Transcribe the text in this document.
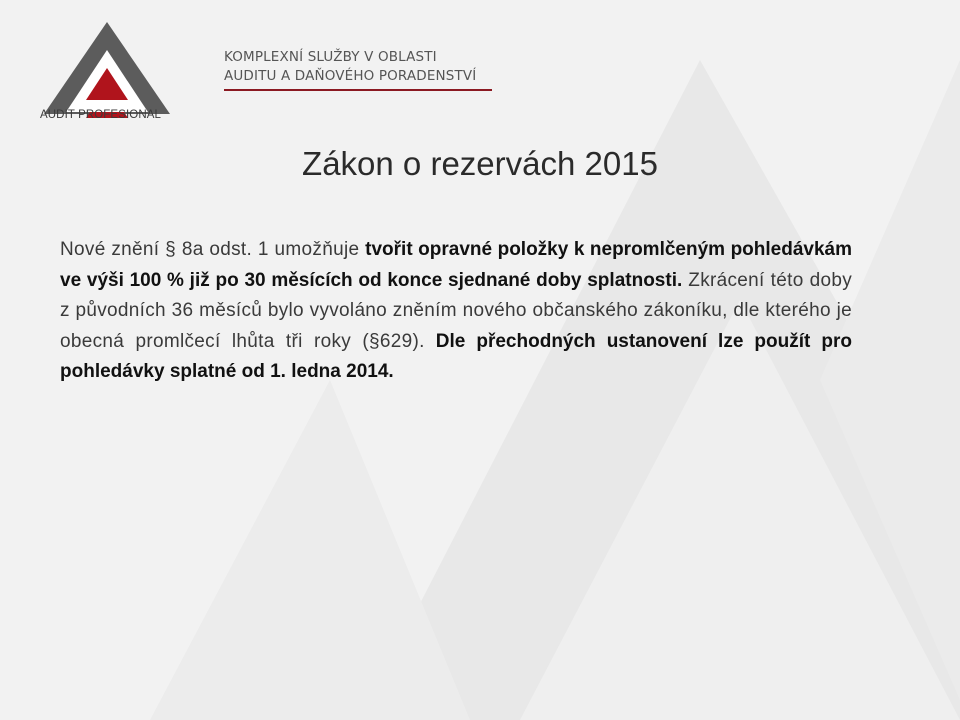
AUDIT PROFESIONAL
KOMPLEXNÍ SLUŽBY V OBLASTI
AUDITU A DAŇOVÉHO PORADENSTVÍ
Zákon o rezervách 2015
Nové znění § 8a odst. 1 umožňuje tvořit opravné položky k nepromlčeným pohledávkám ve výši 100 % již po 30 měsících od konce sjednané doby splatnosti. Zkrácení této doby z původních 36 měsíců bylo vyvoláno zněním nového občanského zákoníku, dle kterého je obecná promlčecí lhůta tři roky (§629). Dle přechodných ustanovení lze použít pro pohledávky splatné od 1. ledna 2014.
